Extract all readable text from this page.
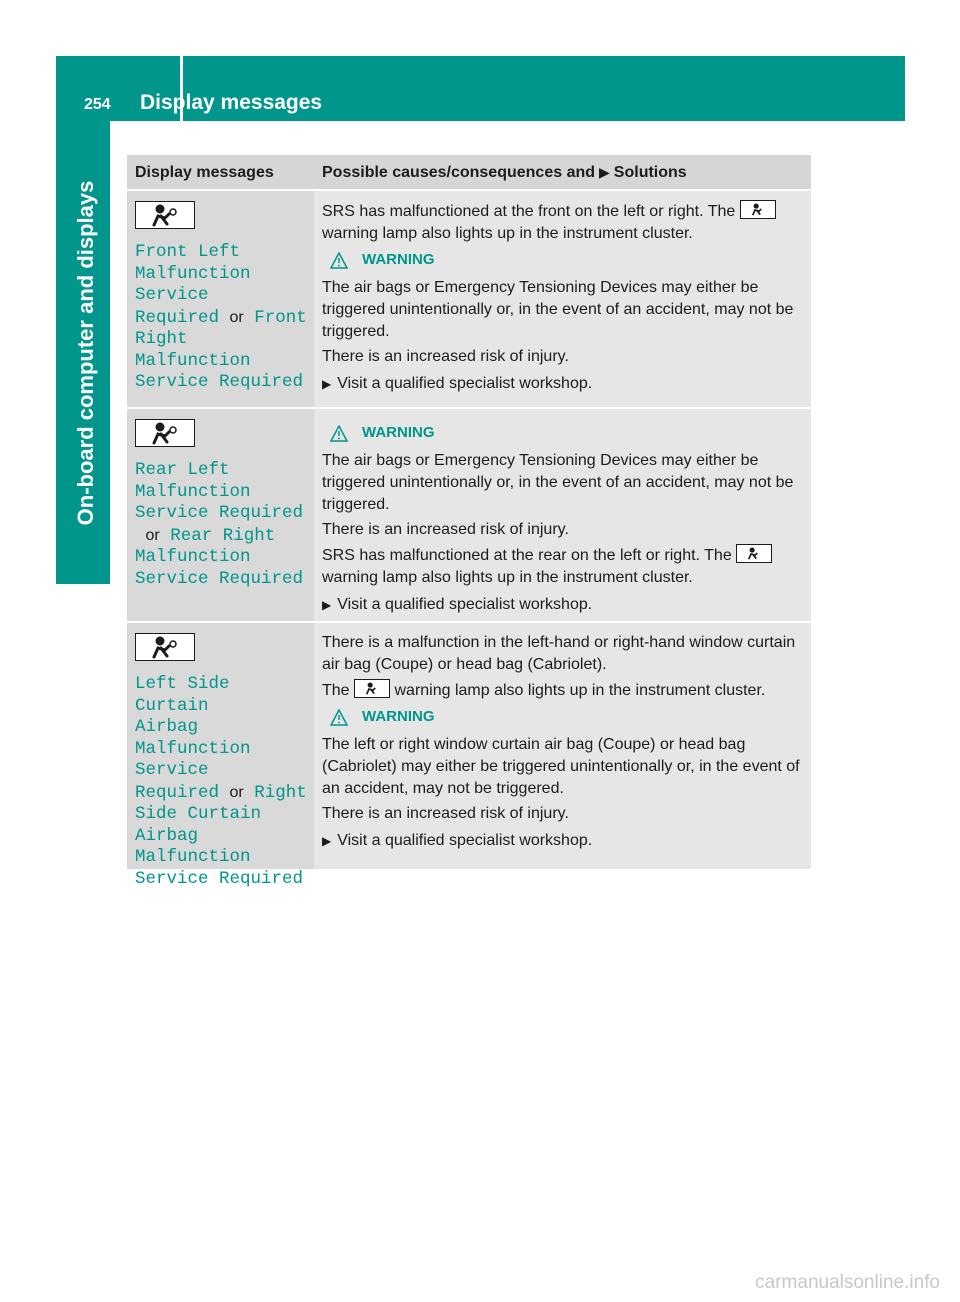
254 Display messages
On-board computer and displays
Display messages	Possible causes/consequences and ▶ Solutions
Front Left
Malfunction
Service
Required or Front
Right Malfunction
Service Required

SRS has malfunctioned at the front on the left or right. The

warning lamp also lights up in the instrument cluster.

WARNING

The air bags or Emergency Tensioning Devices may either be triggered unintentionally or, in the event of an accident, may not be triggered.

There is an increased risk of injury.

▶ Visit a qualified specialist workshop.
Rear Left
Malfunction
Service Required
or Rear Right
Malfunction
Service Required
WARNING

The air bags or Emergency Tensioning Devices may either be triggered unintentionally or, in the event of an accident, may not be triggered.

There is an increased risk of injury.

SRS has malfunctioned at the rear on the left or right. The

warning lamp also lights up in the instrument cluster.

▶ Visit a qualified specialist workshop.
Left Side Curtain
Airbag Malfunction
Service
Required or Right
Side Curtain
Airbag Malfunction
Service Required

There is a malfunction in the left-hand or right-hand window curtain air bag (Coupe) or head bag (Cabriolet).

The	warning lamp also lights up in the instrument cluster.

WARNING

The left or right window curtain air bag (Coupe) or head bag (Cabriolet) may either be triggered unintentionally or, in the event of an accident, may not be triggered.

There is an increased risk of injury.

▶ Visit a qualified specialist workshop.
carmanualsonline.info
